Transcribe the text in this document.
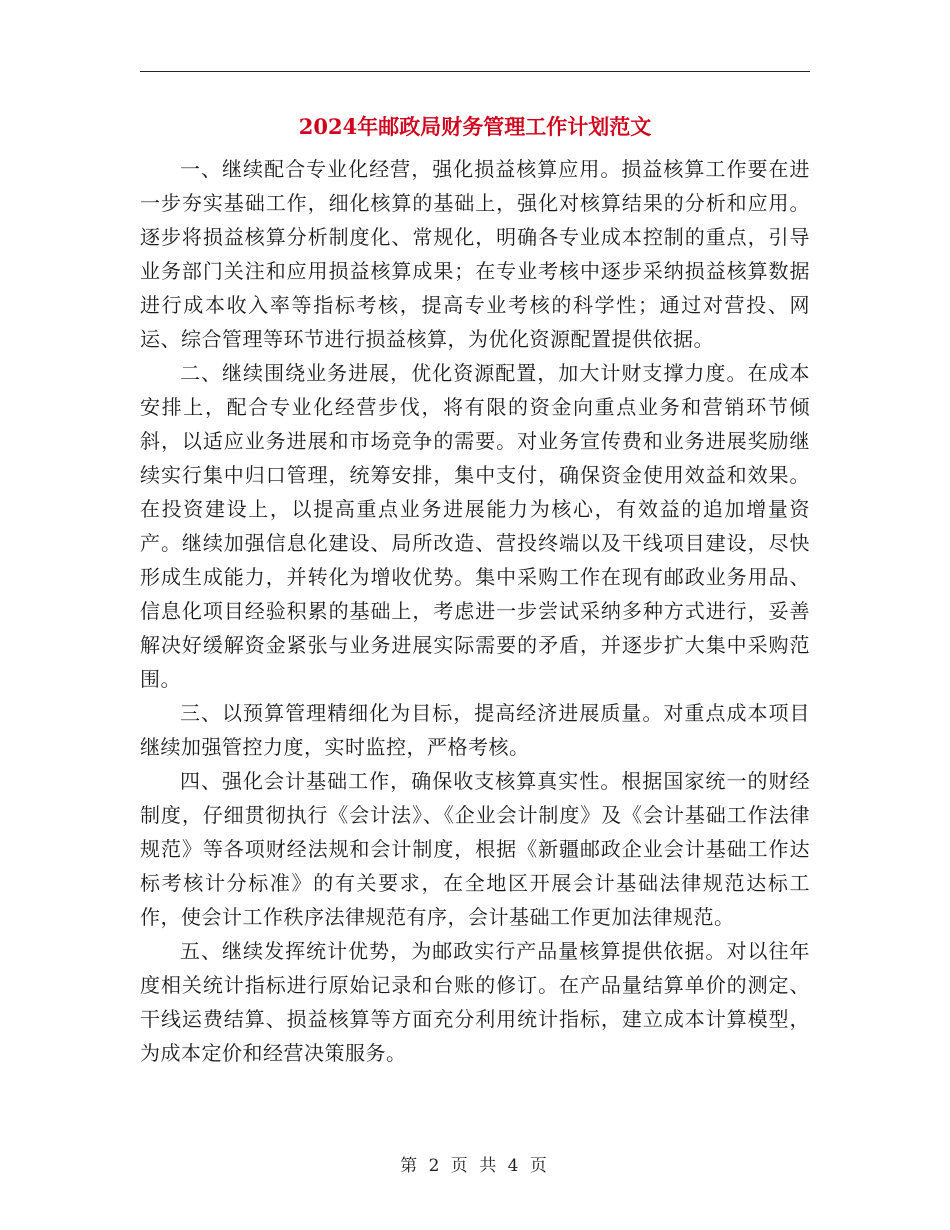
2024年邮政局财务管理工作计划范文

一、继续配合专业化经营，强化损益核算应用。损益核算工作要在进一步夯实基础工作，细化核算的基础上，强化对核算结果的分析和应用。逐步将损益核算分析制度化、常规化，明确各专业成本控制的重点，引导业务部门关注和应用损益核算成果；在专业考核中逐步采纳损益核算数据进行成本收入率等指标考核，提高专业考核的科学性；通过对营投、网运、综合管理等环节进行损益核算，为优化资源配置提供依据。

二、继续围绕业务进展，优化资源配置，加大计财支撑力度。在成本安排上，配合专业化经营步伐，将有限的资金向重点业务和营销环节倾斜，以适应业务进展和市场竞争的需要。对业务宣传费和业务进展奖励继续实行集中归口管理，统筹安排，集中支付，确保资金使用效益和效果。在投资建设上，以提高重点业务进展能力为核心，有效益的追加增量资产。继续加强信息化建设、局所改造、营投终端以及干线项目建设，尽快形成生成能力，并转化为增收优势。集中采购工作在现有邮政业务用品、信息化项目经验积累的基础上，考虑进一步尝试采纳多种方式进行，妥善解决好缓解资金紧张与业务进展实际需要的矛盾，并逐步扩大集中采购范围。

三、以预算管理精细化为目标，提高经济进展质量。对重点成本项目继续加强管控力度，实时监控，严格考核。

四、强化会计基础工作，确保收支核算真实性。根据国家统一的财经制度，仔细贯彻执行《会计法》、《企业会计制度》及《会计基础工作法律规范》等各项财经法规和会计制度，根据《新疆邮政企业会计基础工作达标考核计分标准》的有关要求，在全地区开展会计基础法律规范达标工作，使会计工作秩序法律规范有序，会计基础工作更加法律规范。

五、继续发挥统计优势，为邮政实行产品量核算提供依据。对以往年度相关统计指标进行原始记录和台账的修订。在产品量结算单价的测定、干线运费结算、损益核算等方面充分利用统计指标，建立成本计算模型，为成本定价和经营决策服务。

第 2 页 共 4 页
